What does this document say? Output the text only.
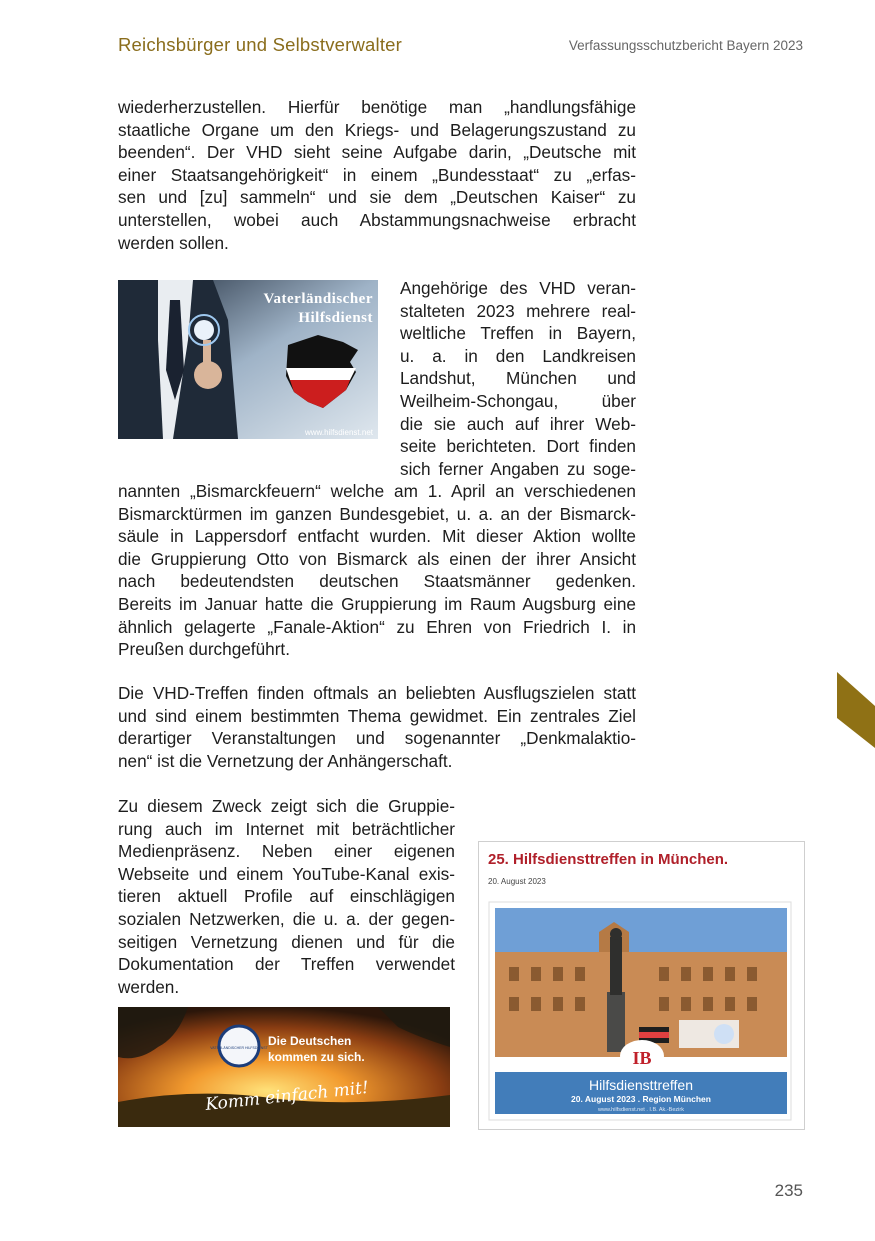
Reichsbürger und Selbstverwalter	Verfassungsschutzbericht Bayern 2023
wiederherzustellen. Hierfür benötige man „handlungsfähige
staatliche Organe um den Kriegs- und Belagerungszustand zu
beenden“. Der VHD sieht seine Aufgabe darin, „Deutsche mit
einer Staatsangehörigkeit“ in einem „Bundesstaat“ zu „erfas-
sen und [zu] sammeln“ und sie dem „Deutschen Kaiser“ zu
unterstellen, wobei auch Abstammungsnachweise erbracht
werden sollen.
Vaterländischer
Hilfsdienst
www.hilfsdienst.net
Angehörige des VHD veran-
stalteten 2023 mehrere real-
weltliche Treffen in Bayern,
u. a. in den Landkreisen
Landshut, München und
Weilheim-Schongau, über
die sie auch auf ihrer Web-
seite berichteten. Dort finden
sich ferner Angaben zu soge-
nannten „Bismarckfeuern“ welche am 1. April an verschiedenen
Bismarcktürmen im ganzen Bundesgebiet, u. a. an der Bismarck-
säule in Lappersdorf entfacht wurden. Mit dieser Aktion wollte
die Gruppierung Otto von Bismarck als einen der ihrer Ansicht
nach bedeutendsten deutschen Staatsmänner gedenken.
Bereits im Januar hatte die Gruppierung im Raum Augsburg eine
ähnlich gelagerte „Fanale-Aktion“ zu Ehren von Friedrich I. in
Preußen durchgeführt.
Die VHD-Treffen finden oftmals an beliebten Ausflugszielen statt
und sind einem bestimmten Thema gewidmet. Ein zentrales Ziel
derartiger Veranstaltungen und sogenannter „Denkmalaktio-
nen“ ist die Vernetzung der Anhängerschaft.
Zu diesem Zweck zeigt sich die Gruppie-
rung auch im Internet mit beträchtlicher
Medienpräsenz. Neben einer eigenen
Webseite und einem YouTube-Kanal exis-
tieren aktuell Profile auf einschlägigen
sozialen Netzwerken, die u. a. der gegen-
seitigen Vernetzung dienen und für die
Dokumentation der Treffen verwendet
werden.
VATERLÄNDISCHER HILFSDIENST Die Deutschen
kommen zu sich.
Komm einfach mit!
25. Hilfsdiensttreffen in München.
20. August 2023
IB
Hilfsdiensttreffen
20. August 2023 . Region München
www.hilfsdienst.net . I.B. Ak.-Bezirk
235
